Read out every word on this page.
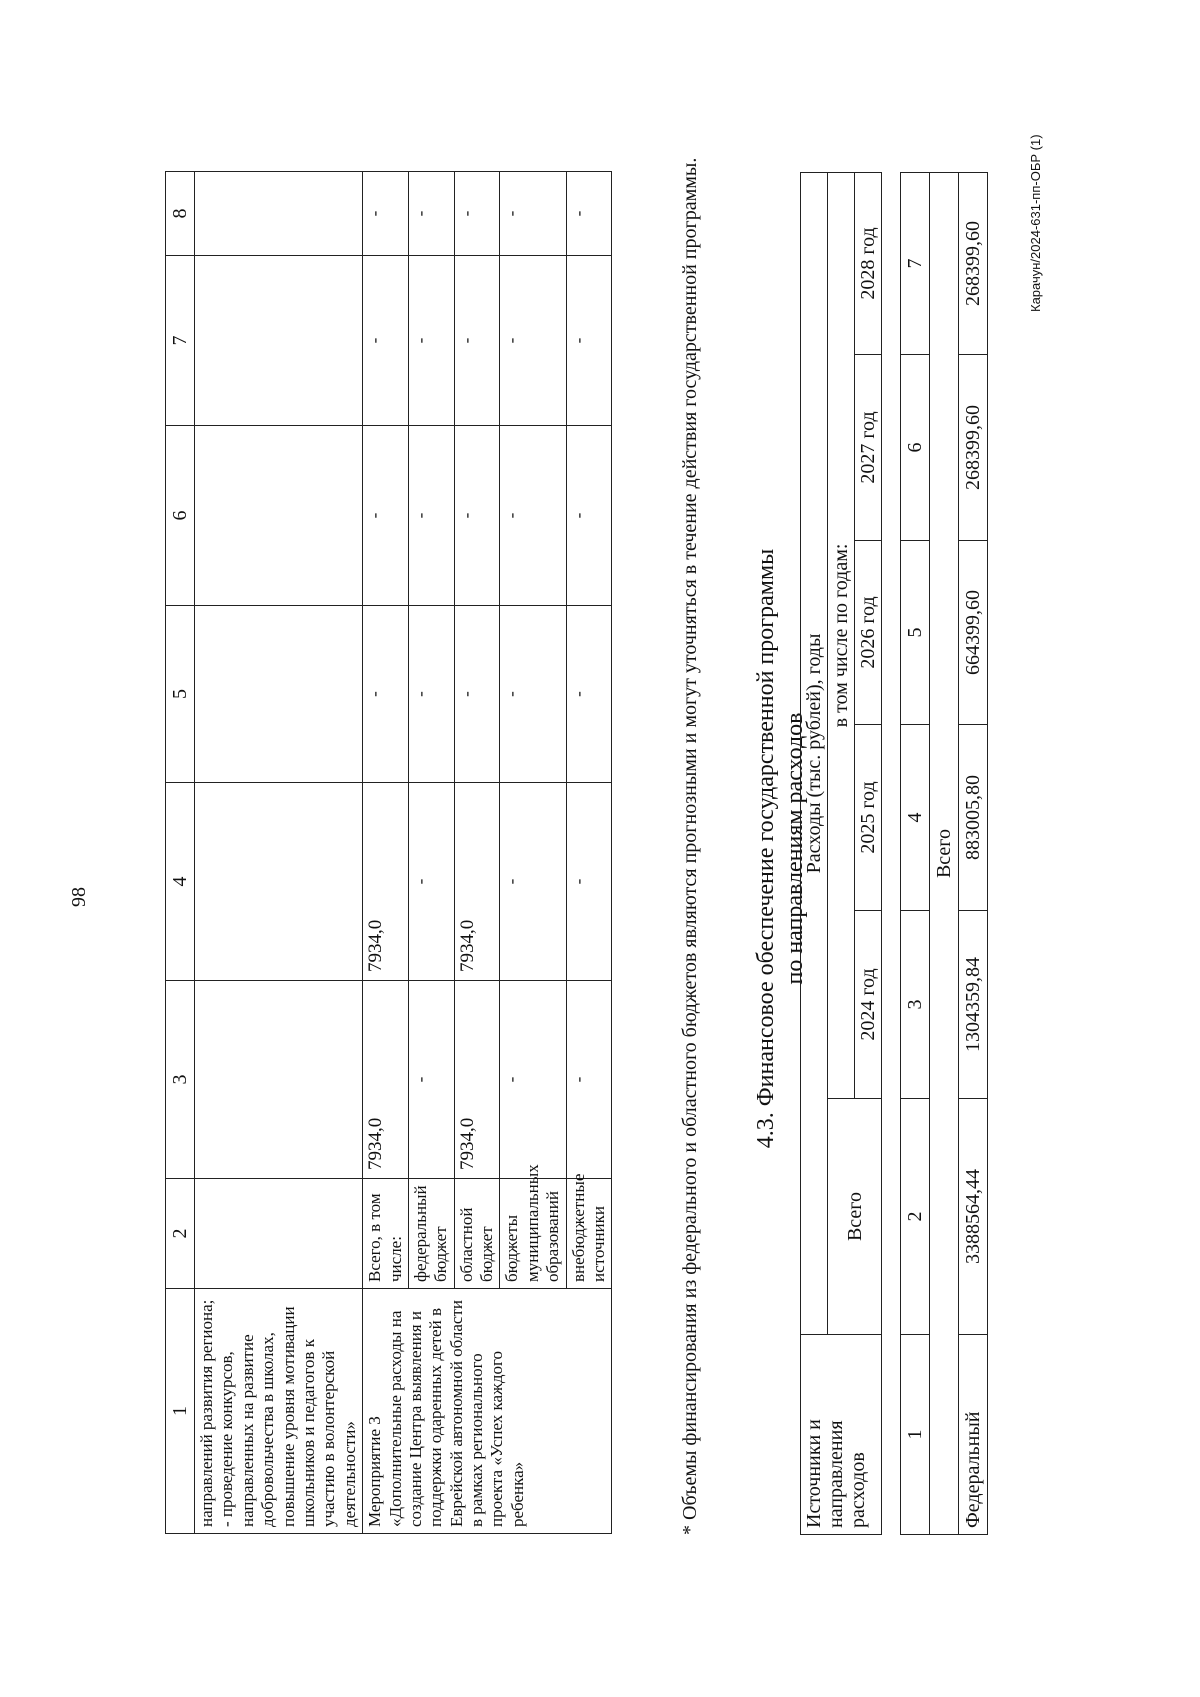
98
1	2	3	4	5	6	7	8
направлений развития региона;
- проведение конкурсов, направленных на развитие добровольчества в школах, повышение уровня мотивации школьников и педагогов к участию в волонтерской деятельности»							
Мероприятие 3 «Дополнительные расходы на создание Центра выявления и поддержки одаренных детей в Еврейской автономной области в рамках регионального проекта «Успех каждого ребенка»	Всего, в том числе:	7934,0	7934,0	-	-	-	-
	федеральный бюджет	-	-	-	-	-	-
	областной бюджет	7934,0	7934,0	-	-	-	-
	бюджеты муниципальных образований	-	-	-	-	-	-
	внебюджетные источники	-	-	-	-	-	-	* Объемы финансирования из федерального и областного бюджетов являются прогнозными и могут уточняться в течение действия государственной программы. 4.3. Финансовое обеспечение государственной программы по направлениям расходов
Источники и направления расходов	Расходы (тыс. рублей), годы					
	Всего	в том числе по годам:				
		2024 год	2025 год	2026 год	2027 год	2028 год
1	2	3	4	5	6	7
Всего						
Федеральный	3388564,44	1304359,84	883005,80	664399,60	268399,60	268399,60	Карачун/2024-631-пп-ОБР (1)
